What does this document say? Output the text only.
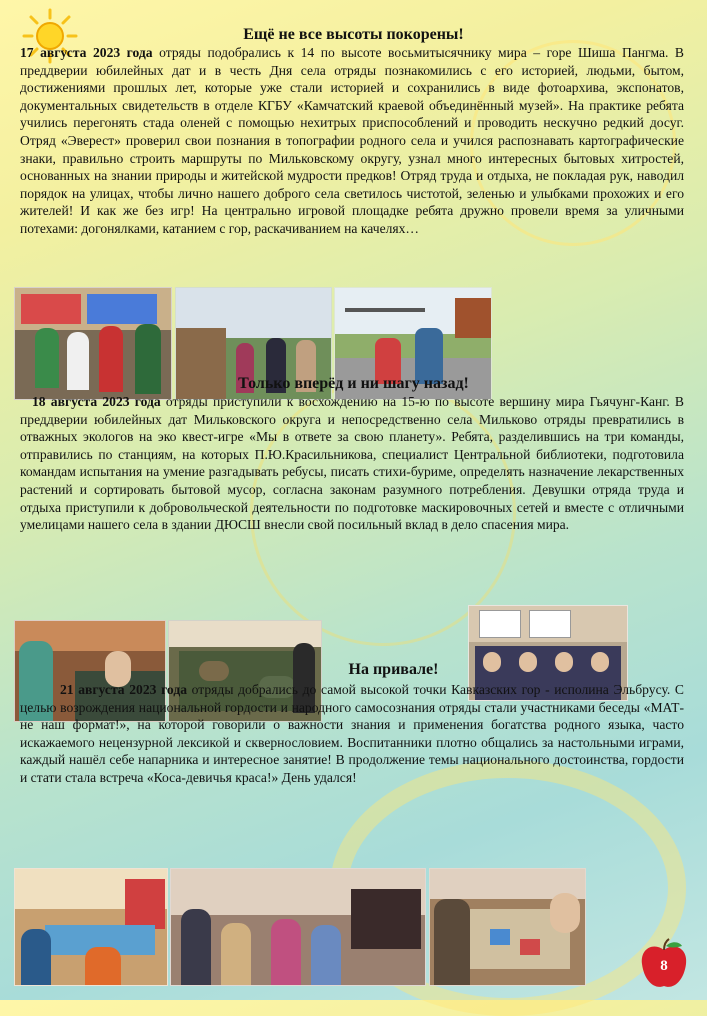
Ещё не все высоты покорены!

17 августа 2023 года отряды подобрались к 14 по высоте восьмитысячнику мира – горе Шиша Пангма. В преддверии юбилейных дат и в честь Дня села отряды познакомились с его историей, людьми, бытом, достижениями прошлых лет, которые уже стали историей и сохранились в виде фотоархива, экспонатов, документальных свидетельств в отделе КГБУ «Камчатский краевой объединённый музей». На практике ребята учились перегонять стада оленей с помощью нехитрых приспособлений и проводить нескучно редкий досуг. Отряд «Эверест» проверил свои познания в топографии родного села и учился распознавать картографические знаки, правильно строить маршруты по Мильковскому округу, узнал много интересных бытовых хитростей, основанных на знании природы и житейской мудрости предков! Отряд труда и отдыха, не покладая рук, наводил порядок на улицах, чтобы лично нашего доброго села светилось чистотой, зеленью и улыбками прохожих и его жителей! И как же без игр! На центрально игровой площадке ребята дружно провели время за уличными потехами: догонялками, катанием с гор, раскачиванием на качелях…

Только вперёд и ни шагу назад!

18 августа 2023 года отряды приступили к восхождению на 15-ю по высоте вершину мира Гьячунг-Канг. В преддверии юбилейных дат Мильковского округа и непосредственно села Мильково отряды превратились в отважных экологов на эко квест-игре «Мы в ответе за свою планету». Ребята, разделившись на три команды, отправились по станциям, на которых П.Ю.Красильникова, специалист Центральной библиотеки, подготовила командам испытания на умение разгадывать ребусы, писать стихи-буриме, определять назначение лекарственных растений и сортировать бытовой мусор, согласна законам разумного потребления. Девушки отряда труда и отдыха приступили к добровольческой деятельности по подготовке маскировочных сетей и вместе с отличными умелицами нашего села в здании ДЮСШ внесли свой посильный вклад в дело спасения мира.

На привале!

21 августа 2023 года отряды добрались до самой высокой точки Кавказских гор - исполина Эльбрусу. С целью возрождения национальной гордости и народного самосознания отряды стали участниками беседы «МАТ-не наш формат!», на которой говорили о важности знания и применения богатства родного языка, часто искажаемого нецензурной лексикой и сквернословием. Воспитанники плотно общались за настольными играми, каждый нашёл себе напарника и интересное занятие! В продолжение темы национального достоинства, гордости и стати стала встреча «Коса-девичья краса!» День удался!

8
